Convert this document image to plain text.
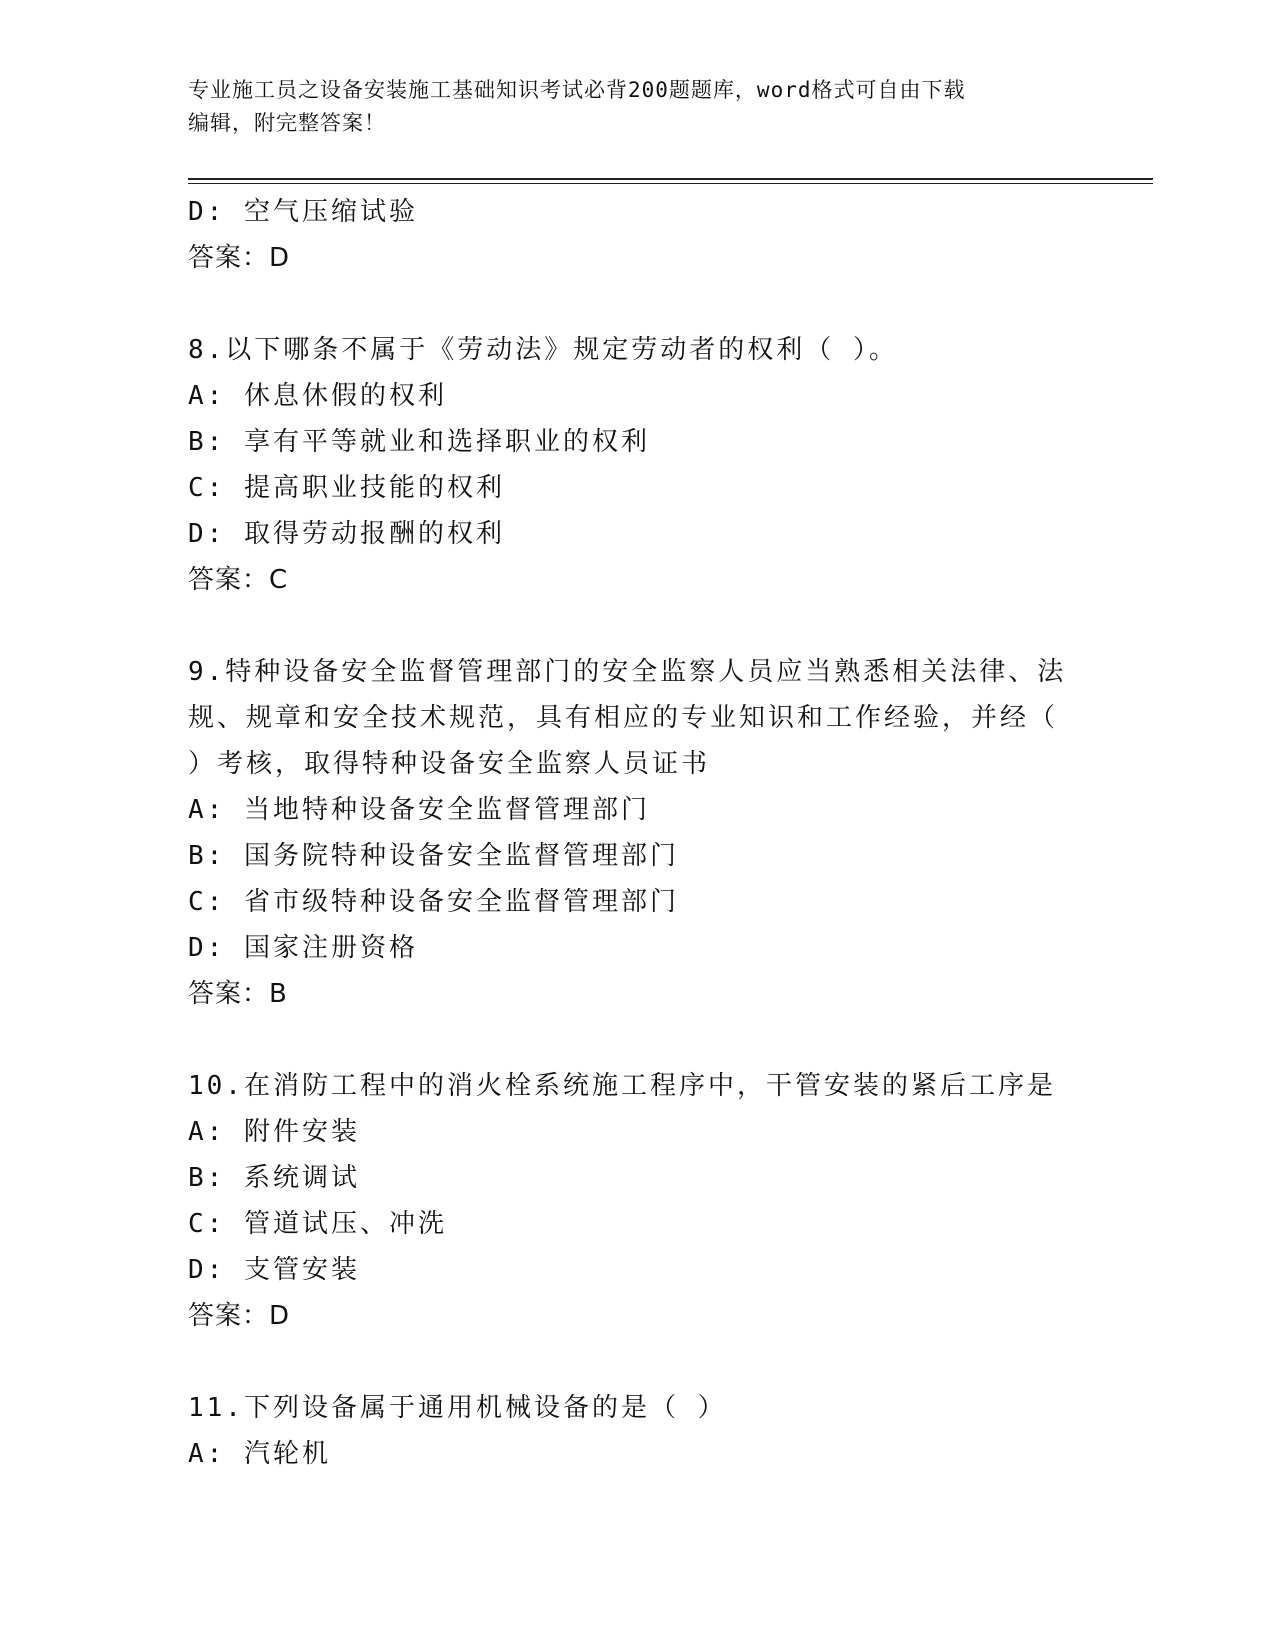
专业施工员之设备安装施工基础知识考试必背200题题库，word格式可自由下载
编辑，附完整答案！
D: 空气压缩试验
答案：D
8.以下哪条不属于《劳动法》规定劳动者的权利（ ）。
A: 休息休假的权利
B: 享有平等就业和选择职业的权利
C: 提高职业技能的权利
D: 取得劳动报酬的权利
答案：C
9.特种设备安全监督管理部门的安全监察人员应当熟悉相关法律、法
规、规章和安全技术规范，具有相应的专业知识和工作经验，并经（
）考核，取得特种设备安全监察人员证书
A: 当地特种设备安全监督管理部门
B: 国务院特种设备安全监督管理部门
C: 省市级特种设备安全监督管理部门
D: 国家注册资格
答案：B
10.在消防工程中的消火栓系统施工程序中，干管安装的紧后工序是
A: 附件安装
B: 系统调试
C: 管道试压、冲洗
D: 支管安装
答案：D
11.下列设备属于通用机械设备的是（ ）
A: 汽轮机
